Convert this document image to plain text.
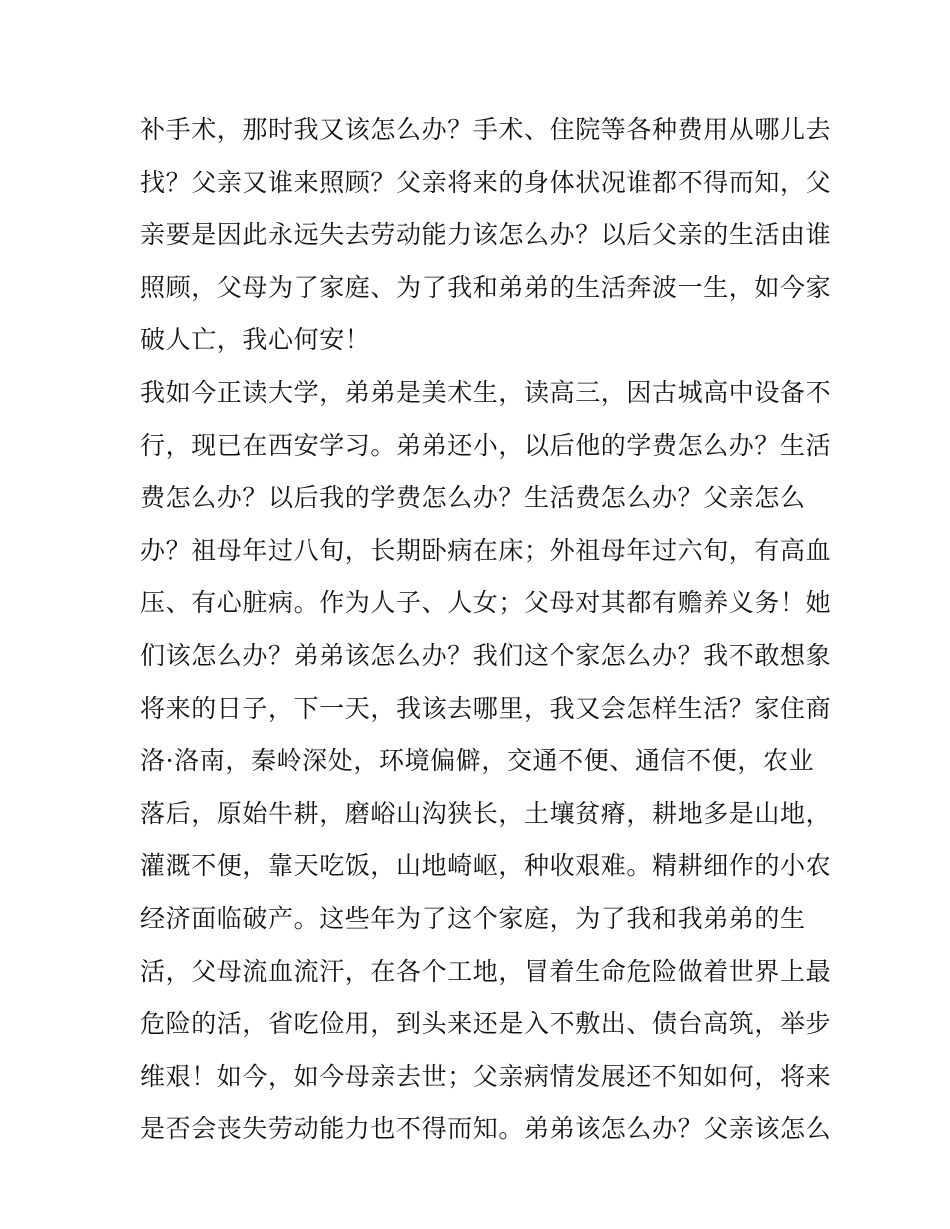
补手术，那时我又该怎么办？手术、住院等各种费用从哪儿去
找？父亲又谁来照顾？父亲将来的身体状况谁都不得而知，父
亲要是因此永远失去劳动能力该怎么办？以后父亲的生活由谁
照顾，父母为了家庭、为了我和弟弟的生活奔波一生，如今家
破人亡，我心何安！
我如今正读大学，弟弟是美术生，读高三，因古城高中设备不
行，现已在西安学习。弟弟还小，以后他的学费怎么办？生活
费怎么办？以后我的学费怎么办？生活费怎么办？父亲怎么
办？祖母年过八旬，长期卧病在床；外祖母年过六旬，有高血
压、有心脏病。作为人子、人女；父母对其都有赡养义务！她
们该怎么办？弟弟该怎么办？我们这个家怎么办？我不敢想象
将来的日子，下一天，我该去哪里，我又会怎样生活？家住商
洛·洛南，秦岭深处，环境偏僻，交通不便、通信不便，农业
落后，原始牛耕，磨峪山沟狭长，土壤贫瘠，耕地多是山地，
灌溉不便，靠天吃饭，山地崎岖，种收艰难。精耕细作的小农
经济面临破产。这些年为了这个家庭，为了我和我弟弟的生
活，父母流血流汗，在各个工地，冒着生命危险做着世界上最
危险的活，省吃俭用，到头来还是入不敷出、债台高筑，举步
维艰！如今，如今母亲去世；父亲病情发展还不知如何，将来
是否会丧失劳动能力也不得而知。弟弟该怎么办？父亲该怎么
